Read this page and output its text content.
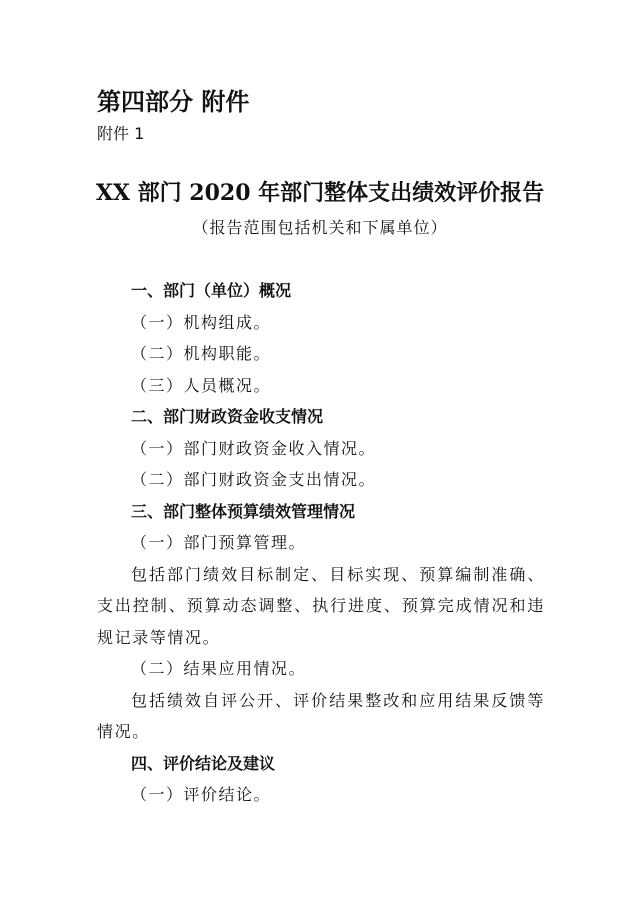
第四部分 附件
附件 1
XX 部门 2020 年部门整体支出绩效评价报告
（报告范围包括机关和下属单位）
一、部门（单位）概况
（一）机构组成。
（二）机构职能。
（三）人员概况。
二、部门财政资金收支情况
（一）部门财政资金收入情况。
（二）部门财政资金支出情况。
三、部门整体预算绩效管理情况
（一）部门预算管理。
包括部门绩效目标制定、目标实现、预算编制准确、支出控制、预算动态调整、执行进度、预算完成情况和违规记录等情况。
（二）结果应用情况。
包括绩效自评公开、评价结果整改和应用结果反馈等情况。
四、评价结论及建议
（一）评价结论。
